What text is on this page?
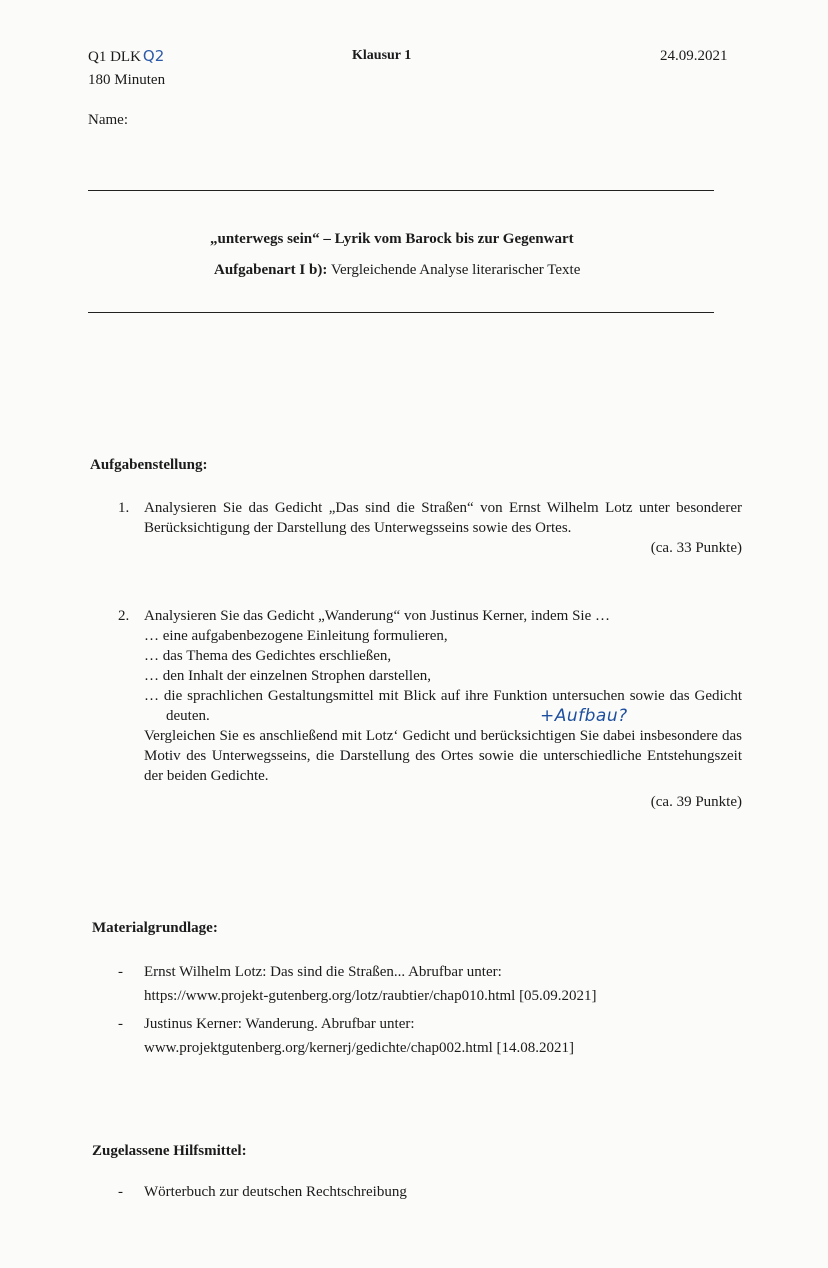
Q1 DLK Q2
180 Minuten
Klausur 1	24.09.2021
Name:
„unterwegs sein“ – Lyrik vom Barock bis zur Gegenwart
Aufgabenart I b): Vergleichende Analyse literarischer Texte
Aufgabenstellung:
1. Analysieren Sie das Gedicht „Das sind die Straßen“ von Ernst Wilhelm Lotz unter besonderer Berücksichtigung der Darstellung des Unterwegsseins sowie des Ortes.
(ca. 33 Punkte)
2. Analysieren Sie das Gedicht „Wanderung“ von Justinus Kerner, indem Sie …
… eine aufgabenbezogene Einleitung formulieren,
… das Thema des Gedichtes erschließen,
… den Inhalt der einzelnen Strophen darstellen,
… die sprachlichen Gestaltungsmittel mit Blick auf ihre Funktion untersuchen sowie das Gedicht deuten.
Vergleichen Sie es anschließend mit Lotz‘ Gedicht und berücksichtigen Sie dabei insbesondere das Motiv des Unterwegsseins, die Darstellung des Ortes sowie die unterschiedliche Entstehungszeit der beiden Gedichte.
(ca. 39 Punkte)
+Aufbau?
Materialgrundlage:
- Ernst Wilhelm Lotz: Das sind die Straßen... Abrufbar unter:
https://www.projekt-gutenberg.org/lotz/raubtier/chap010.html [05.09.2021]
- Justinus Kerner: Wanderung. Abrufbar unter:
www.projektgutenberg.org/kernerj/gedichte/chap002.html [14.08.2021]
Zugelassene Hilfsmittel:
- Wörterbuch zur deutschen Rechtschreibung
